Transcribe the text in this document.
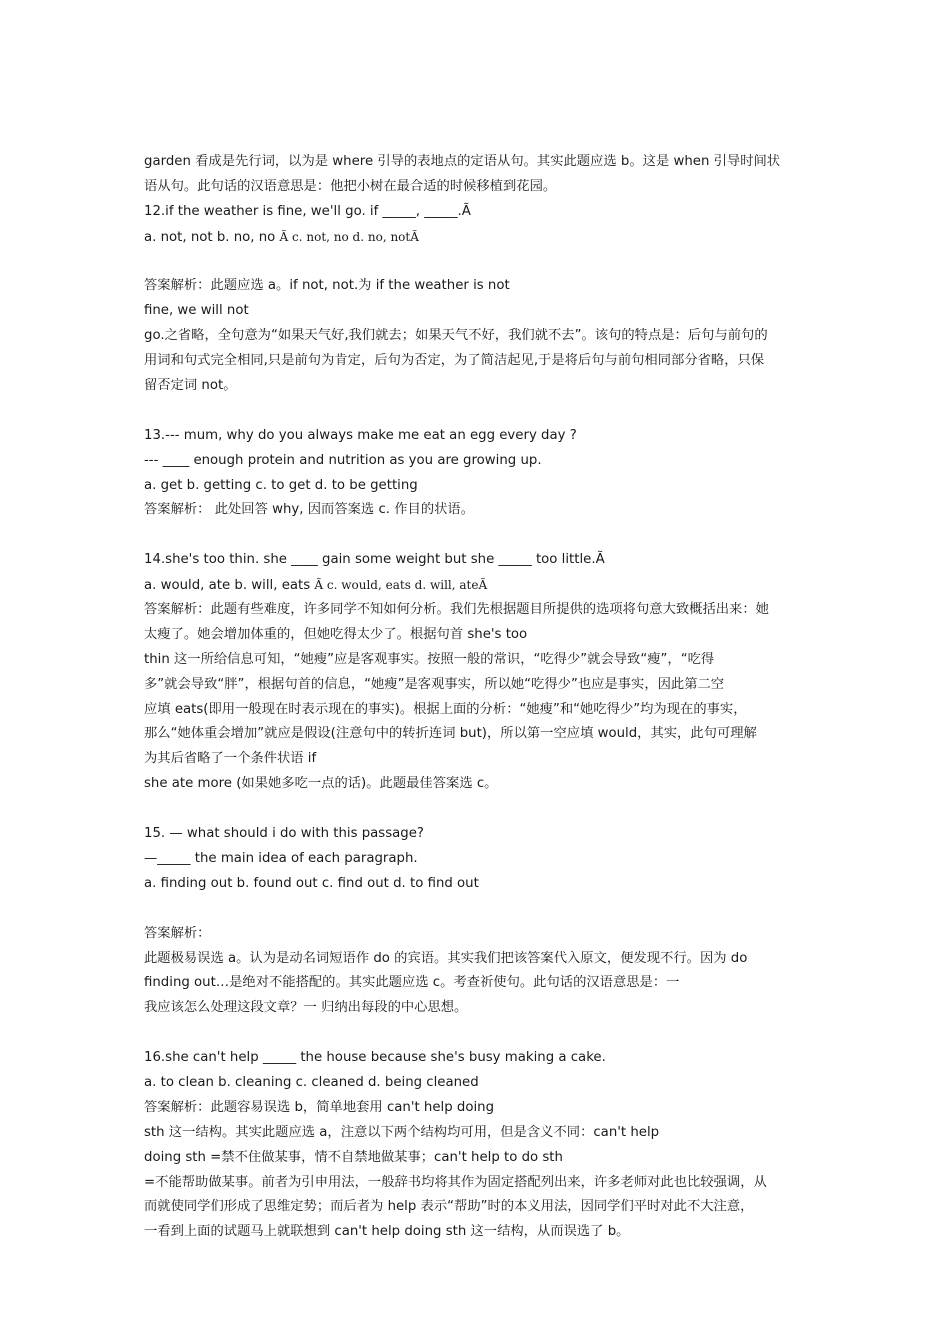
garden 看成是先行词，以为是 where 引导的表地点的定语从句。其实此题应选 b。这是 when 引导时间状
语从句。此句话的汉语意思是：他把小树在最合适的时候移植到花园。
12.if the weather is fine, we'll go. if _____, _____.Ã
a. not, not b. no, no Ã c. not, no d. no, notÃ
答案解析：此题应选 a。if not, not.为 if the weather is not
fine, we will not
go.之省略，全句意为“如果天气好,我们就去；如果天气不好，我们就不去”。该句的特点是：后句与前句的
用词和句式完全相同,只是前句为肯定，后句为否定，为了简洁起见,于是将后句与前句相同部分省略，只保
留否定词 not。
13.--- mum, why do you always make me eat an egg every day ?
--- ____ enough protein and nutrition as you are growing up.
a. get b. getting c. to get d. to be getting
答案解析： 此处回答 why, 因而答案选 c. 作目的状语。
14.she's too thin. she ____ gain some weight but she _____ too little.Ã
a. would, ate b. will, eats Ã c. would, eats d. will, ateÃ
答案解析：此题有些难度，许多同学不知如何分析。我们先根据题目所提供的选项将句意大致概括出来：她
太瘦了。她会增加体重的，但她吃得太少了。根据句首 she's too
thin 这一所给信息可知，“她瘦”应是客观事实。按照一般的常识，“吃得少”就会导致“瘦”，“吃得
多”就会导致“胖”，根据句首的信息，“她瘦”是客观事实，所以她“吃得少”也应是事实，因此第二空
应填 eats(即用一般现在时表示现在的事实)。根据上面的分析：“她瘦”和“她吃得少”均为现在的事实，
那么“她体重会增加”就应是假设(注意句中的转折连词 but)，所以第一空应填 would，其实，此句可理解
为其后省略了一个条件状语 if
she ate more (如果她多吃一点的话)。此题最佳答案选 c。
15. — what should i do with this passage?
—_____ the main idea of each paragraph.
a. finding out b. found out c. find out d. to find out
答案解析：
此题极易误选 a。认为是动名词短语作 do 的宾语。其实我们把该答案代入原文，便发现不行。因为 do
finding out…是绝对不能搭配的。其实此题应选 c。考查祈使句。此句话的汉语意思是：一
我应该怎么处理这段文章？一 归纳出每段的中心思想。
16.she can't help _____ the house because she's busy making a cake.
a. to clean b. cleaning c. cleaned d. being cleaned
答案解析：此题容易误选 b，简单地套用 can't help doing
sth 这一结构。其实此题应选 a，注意以下两个结构均可用，但是含义不同：can't help
doing sth =禁不住做某事，情不自禁地做某事；can't help to do sth
=不能帮助做某事。前者为引申用法，一般辞书均将其作为固定搭配列出来，许多老师对此也比较强调，从
而就使同学们形成了思维定势；而后者为 help 表示“帮助”时的本义用法，因同学们平时对此不大注意，
一看到上面的试题马上就联想到 can't help doing sth 这一结构，从而误选了 b。
